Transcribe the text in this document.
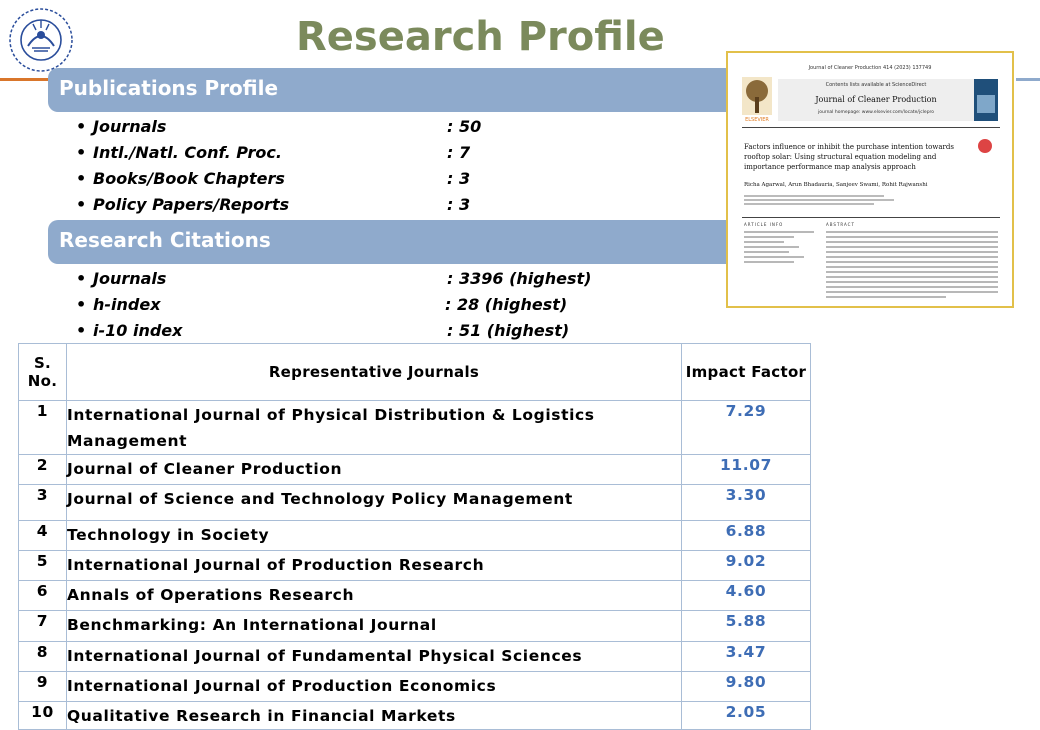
Research Profile
Publications Profile
• Journals	: 50
• Intl./Natl. Conf. Proc.	: 7
• Books/Book Chapters	: 3
• Policy Papers/Reports	: 3
Research Citations
• Journals	: 3396 (highest)
• h-index	: 28 (highest)
• i-10 index	: 51 (highest)
Journal of Cleaner Production 414 (2023) 137749
Contents lists available at ScienceDirect
Journal of Cleaner Production
journal homepage: www.elsevier.com/locate/jclepro
ELSEVIER
Factors influence or inhibit the purchase intention towards rooftop solar: Using structural equation modeling and importance performance map analysis approach
Richa Agarwal, Arun Bhadauria, Sanjeev Swami, Rohit Rajwanshi
ARTICLE INFO	ABSTRACT
S. No.	Representative Journals	Impact Factor
1	International Journal of Physical Distribution & Logistics
Management	7.29
2	Journal of Cleaner Production	11.07
3	Journal of Science and Technology Policy Management	3.30
4	Technology in Society	6.88
5	International Journal of Production Research	9.02
6	Annals of Operations Research	4.60
7	Benchmarking: An International Journal	5.88
8	International Journal of Fundamental Physical Sciences	3.47
9	International Journal of Production Economics	9.80
10	Qualitative Research in Financial Markets	2.05
